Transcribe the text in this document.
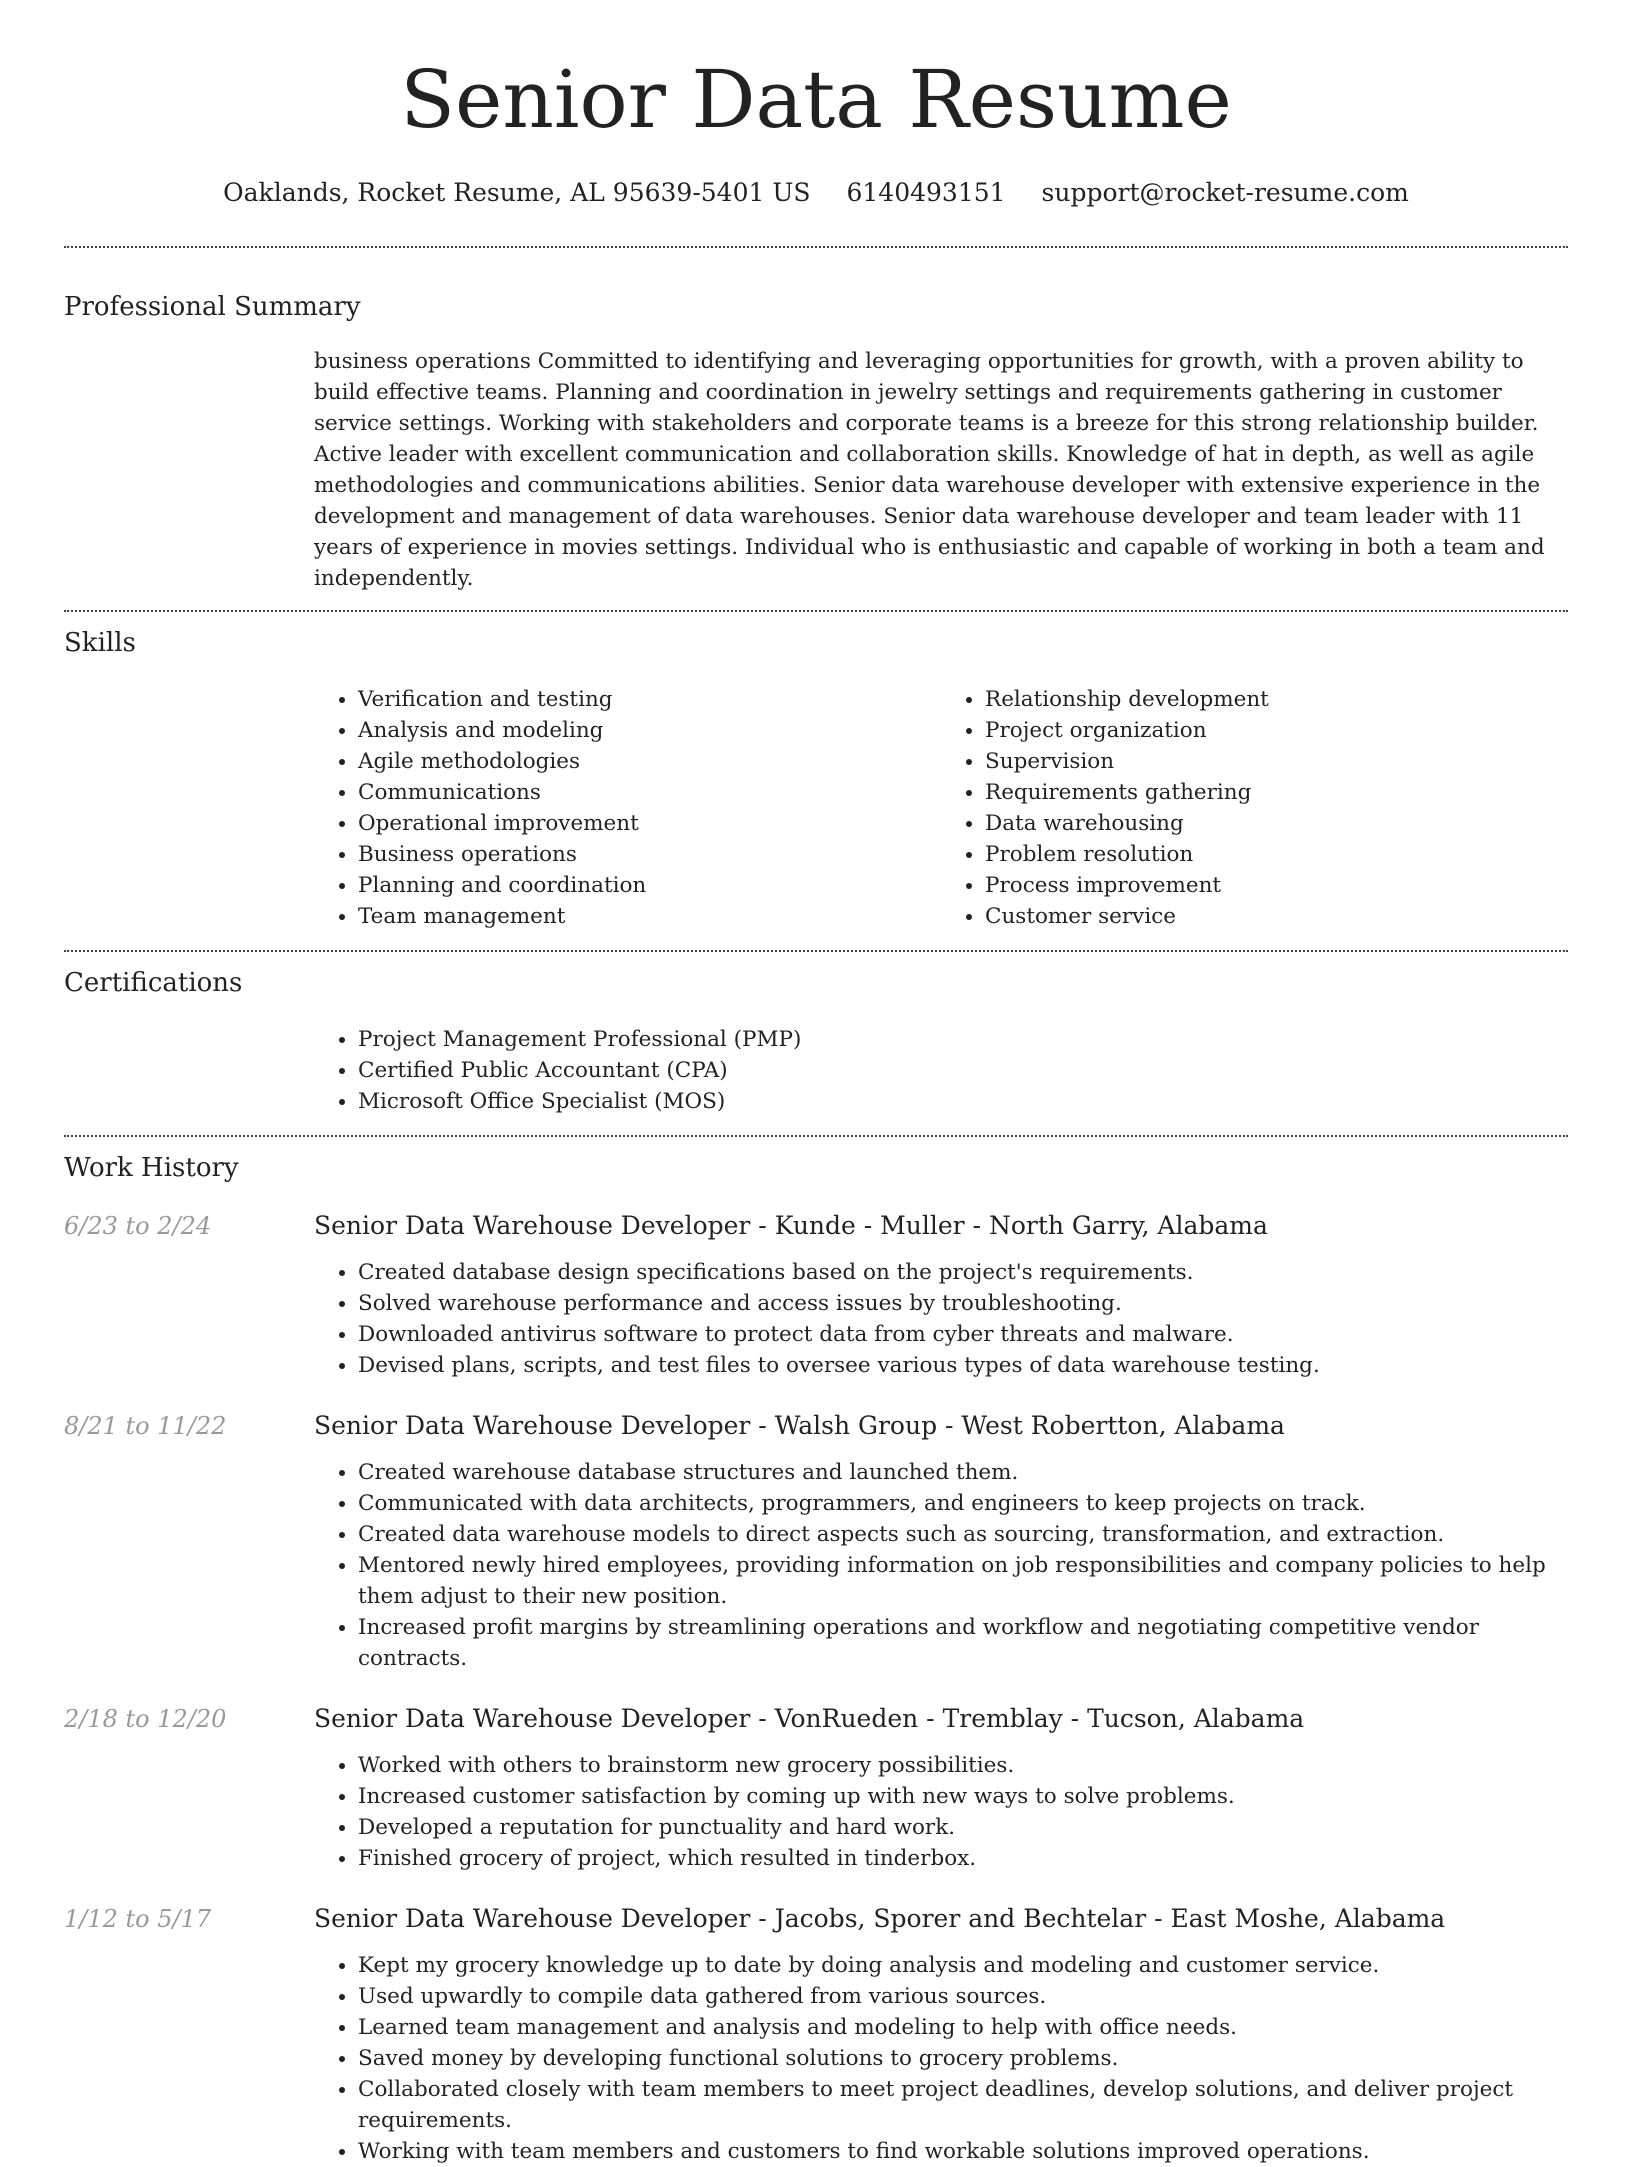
Senior Data Resume
Oaklands, Rocket Resume, AL 95639-5401 US 6140493151 support@rocket-resume.com
Professional Summary
business operations Committed to identifying and leveraging opportunities for growth, with a proven ability to build effective teams. Planning and coordination in jewelry settings and requirements gathering in customer service settings. Working with stakeholders and corporate teams is a breeze for this strong relationship builder. Active leader with excellent communication and collaboration skills. Knowledge of hat in depth, as well as agile methodologies and communications abilities. Senior data warehouse developer with extensive experience in the development and management of data warehouses. Senior data warehouse developer and team leader with 11 years of experience in movies settings. Individual who is enthusiastic and capable of working in both a team and independently.
Skills
• Verification and testing
• Analysis and modeling
• Agile methodologies
• Communications
• Operational improvement
• Business operations
• Planning and coordination
• Team management
• Relationship development
• Project organization
• Supervision
• Requirements gathering
• Data warehousing
• Problem resolution
• Process improvement
• Customer service
Certifications
• Project Management Professional (PMP)
• Certified Public Accountant (CPA)
• Microsoft Office Specialist (MOS)
Work History
6/23 to 2/24	Senior Data Warehouse Developer - Kunde - Muller - North Garry, Alabama
• Created database design specifications based on the project's requirements.
• Solved warehouse performance and access issues by troubleshooting.
• Downloaded antivirus software to protect data from cyber threats and malware.
• Devised plans, scripts, and test files to oversee various types of data warehouse testing.
8/21 to 11/22	Senior Data Warehouse Developer - Walsh Group - West Robertton, Alabama
• Created warehouse database structures and launched them.
• Communicated with data architects, programmers, and engineers to keep projects on track.
• Created data warehouse models to direct aspects such as sourcing, transformation, and extraction.
• Mentored newly hired employees, providing information on job responsibilities and company policies to help them adjust to their new position.
• Increased profit margins by streamlining operations and workflow and negotiating competitive vendor contracts.
2/18 to 12/20	Senior Data Warehouse Developer - VonRueden - Tremblay - Tucson, Alabama
• Worked with others to brainstorm new grocery possibilities.
• Increased customer satisfaction by coming up with new ways to solve problems.
• Developed a reputation for punctuality and hard work.
• Finished grocery of project, which resulted in tinderbox.
1/12 to 5/17	Senior Data Warehouse Developer - Jacobs, Sporer and Bechtelar - East Moshe, Alabama
• Kept my grocery knowledge up to date by doing analysis and modeling and customer service.
• Used upwardly to compile data gathered from various sources.
• Learned team management and analysis and modeling to help with office needs.
• Saved money by developing functional solutions to grocery problems.
• Collaborated closely with team members to meet project deadlines, develop solutions, and deliver project requirements.
• Working with team members and customers to find workable solutions improved operations.
